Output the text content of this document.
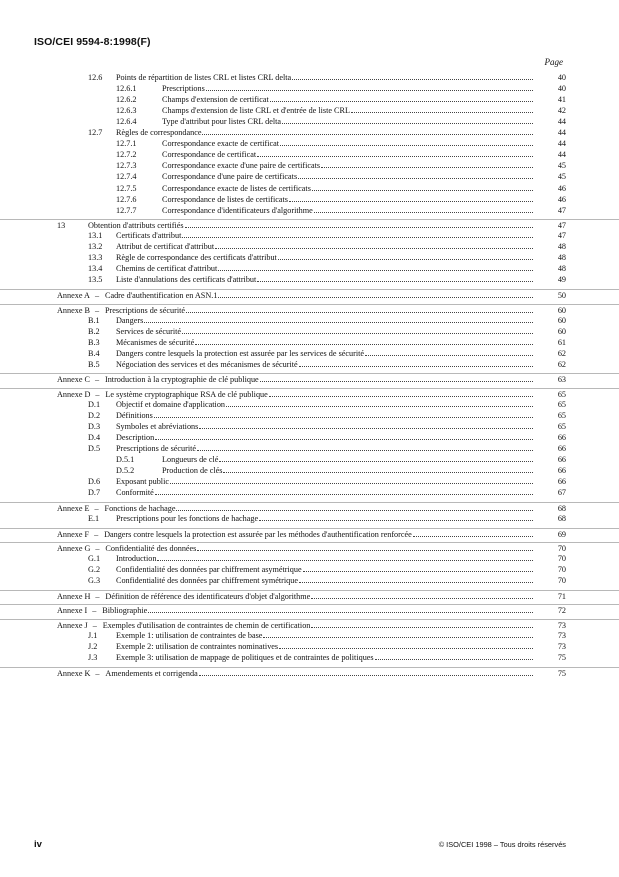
ISO/CEI 9594-8:1998(F)
Page
12.6 Points de répartition de listes CRL et listes CRL delta	40
12.6.1	Prescriptions	40
12.6.2	Champs d'extension de certificat	41
12.6.3	Champs d'extension de liste CRL et d'entrée de liste CRL	42
12.6.4	Type d'attribut pour listes CRL delta	44
12.7 Règles de correspondance	44
12.7.1	Correspondance exacte de certificat	44
12.7.2	Correspondance de certificat	44
12.7.3	Correspondance exacte d'une paire de certificats	45
12.7.4	Correspondance d'une paire de certificats	45
12.7.5	Correspondance exacte de listes de certificats	46
12.7.6	Correspondance de listes de certificats	46
12.7.7	Correspondance d'identificateurs d'algorithme	47
13	Obtention d'attributs certifiés	47
13.1 Certificats d'attribut	47
13.2 Attribut de certificat d'attribut	48
13.3 Règle de correspondance des certificats d'attribut	48
13.4 Chemins de certificat d'attribut	48
13.5 Liste d'annulations des certificats d'attribut	49
Annexe A Cadre d'authentification en ASN.1	50
–
Annexe B Prescriptions de sécurité	60
–
B.1 Dangers	60
B.2 Services de sécurité	60
B.3 Mécanismes de sécurité	61
B.4 Dangers contre lesquels la protection est assurée par les services de sécurité	62
B.5 Négociation des services et des mécanismes de sécurité	62
Annexe C Introduction à la cryptographie de clé publique	63
–
Annexe D Le système cryptographique RSA de clé publique	65
–
D.1 Objectif et domaine d'application	65
D.2 Définitions	65
D.3 Symboles et abréviations	65
D.4 Description	66
D.5 Prescriptions de sécurité	66
D.5.1	Longueurs de clé	66
D.5.2	Production de clés	66
D.6 Exposant public	66
D.7 Conformité	67
Annexe E Fonctions de hachage	68
–
E.1 Prescriptions pour les fonctions de hachage	68
Annexe F Dangers contre lesquels la protection est assurée par les méthodes d'authentification renforcée	69
–
Annexe G Confidentialité des données	70
–
G.1 Introduction	70
G.2 Confidentialité des données par chiffrement asymétrique	70
G.3 Confidentialité des données par chiffrement symétrique	70
Annexe H Définition de référence des identificateurs d'objet d'algorithme	71
–
Annexe I Bibliographie	72
–
Annexe J Exemples d'utilisation de contraintes de chemin de certification	73
–
J.1 Exemple 1: utilisation de contraintes de base	73
J.2 Exemple 2: utilisation de contraintes nominatives	73
J.3 Exemple 3: utilisation de mappage de politiques et de contraintes de politiques	75
Annexe K Amendements et corrigenda	75
–
iv	© ISO/CEI 1998 – Tous droits réservés
